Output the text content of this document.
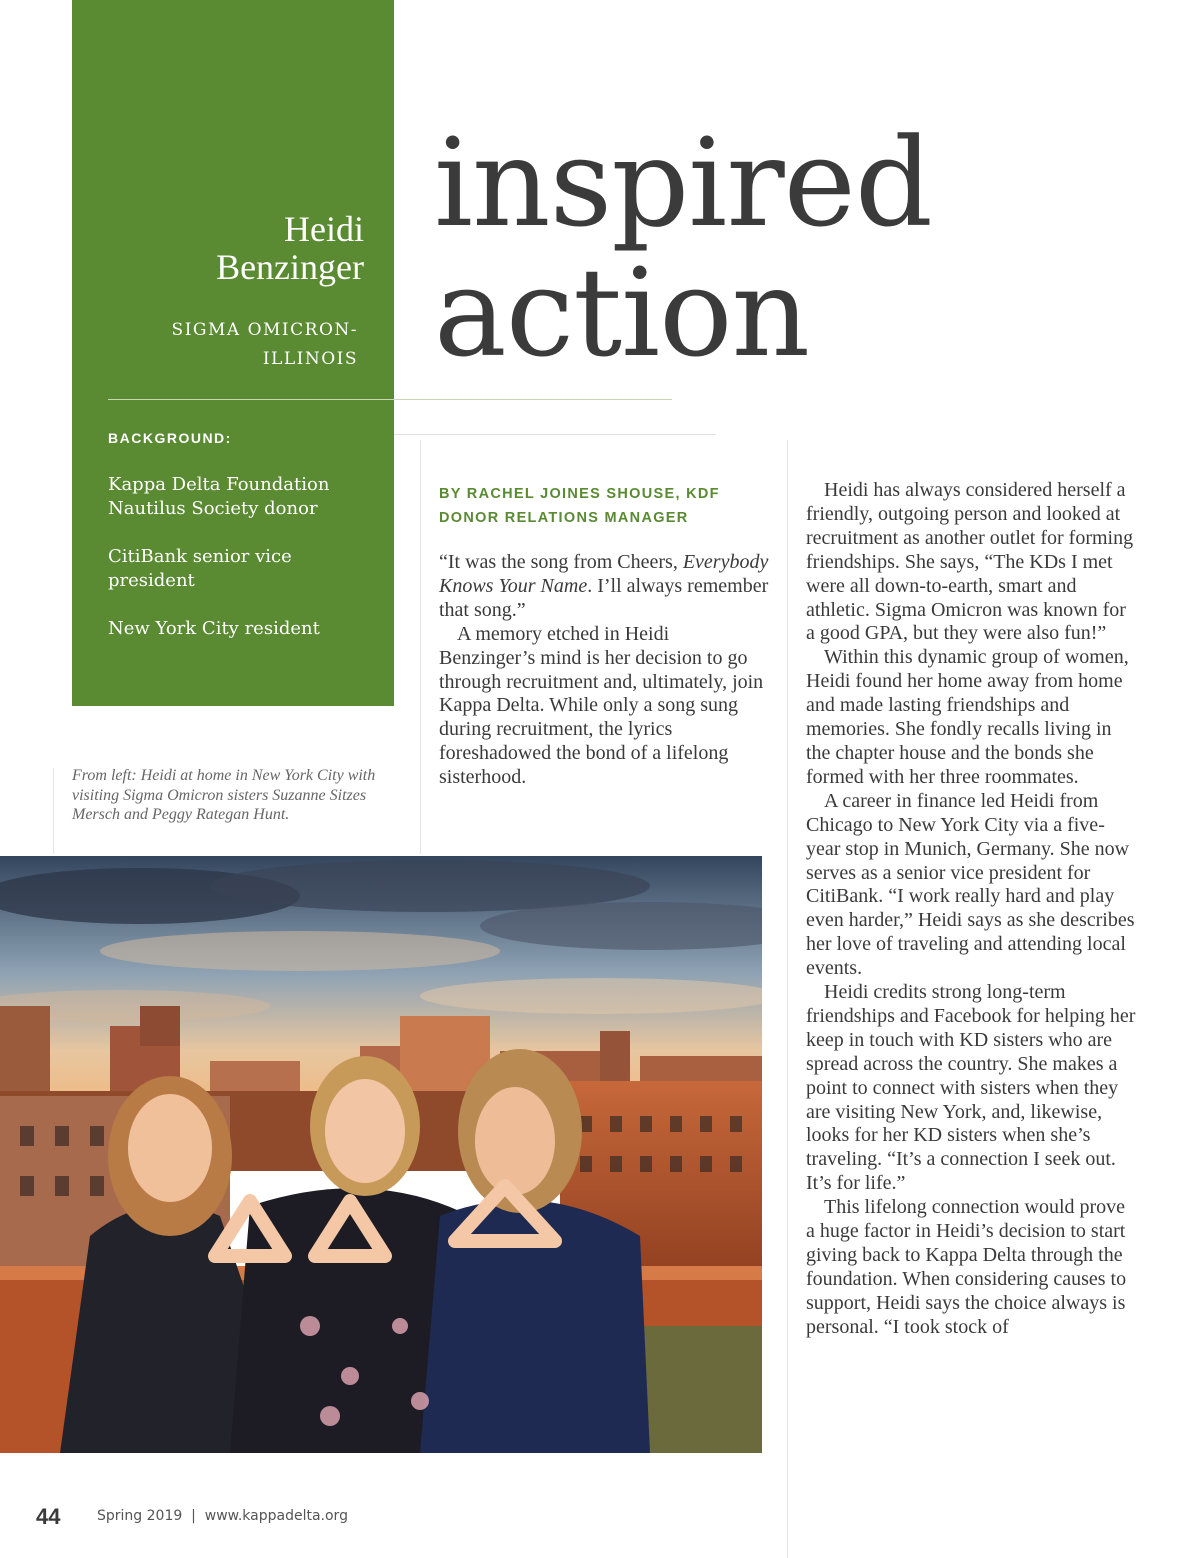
Heidi
Benzinger
SIGMA OMICRON-
ILLINOIS
BACKGROUND:
Kappa Delta Foundation Nautilus Society donor
CitiBank senior vice president
New York City resident
inspired
action
BY RACHEL JOINES SHOUSE, KDF
DONOR RELATIONS MANAGER

“It was the song from Cheers, Everybody Knows Your Name. I’ll always remember that song.”

A memory etched in Heidi Benzinger’s mind is her decision to go through recruitment and, ultimately, join Kappa Delta. While only a song sung during recruitment, the lyrics foreshadowed the bond of a lifelong sisterhood.

Heidi has always considered herself a friendly, outgoing person and looked at recruitment as another outlet for forming friendships. She says, “The KDs I met were all down-to-earth, smart and athletic. Sigma Omicron was known for a good GPA, but they were also fun!”

Within this dynamic group of women, Heidi found her home away from home and made lasting friendships and memories. She fondly recalls living in the chapter house and the bonds she formed with her three roommates.

A career in finance led Heidi from Chicago to New York City via a five-year stop in Munich, Germany. She now serves as a senior vice president for CitiBank. “I work really hard and play even harder,” Heidi says as she describes her love of traveling and attending local events.

Heidi credits strong long-term friendships and Facebook for helping her keep in touch with KD sisters who are spread across the country. She makes a point to connect with sisters when they are visiting New York, and, likewise, looks for her KD sisters when she’s traveling. “It’s a connection I seek out. It’s for life.”

This lifelong connection would prove a huge factor in Heidi’s decision to start giving back to Kappa Delta through the foundation. When considering causes to support, Heidi says the choice always is personal. “I took stock of

From left: Heidi at home in New York City with visiting Sigma Omicron sisters Suzanne Sitzes Mersch and Peggy Rategan Hunt.
44	Spring 2019  |  www.kappadelta.org
